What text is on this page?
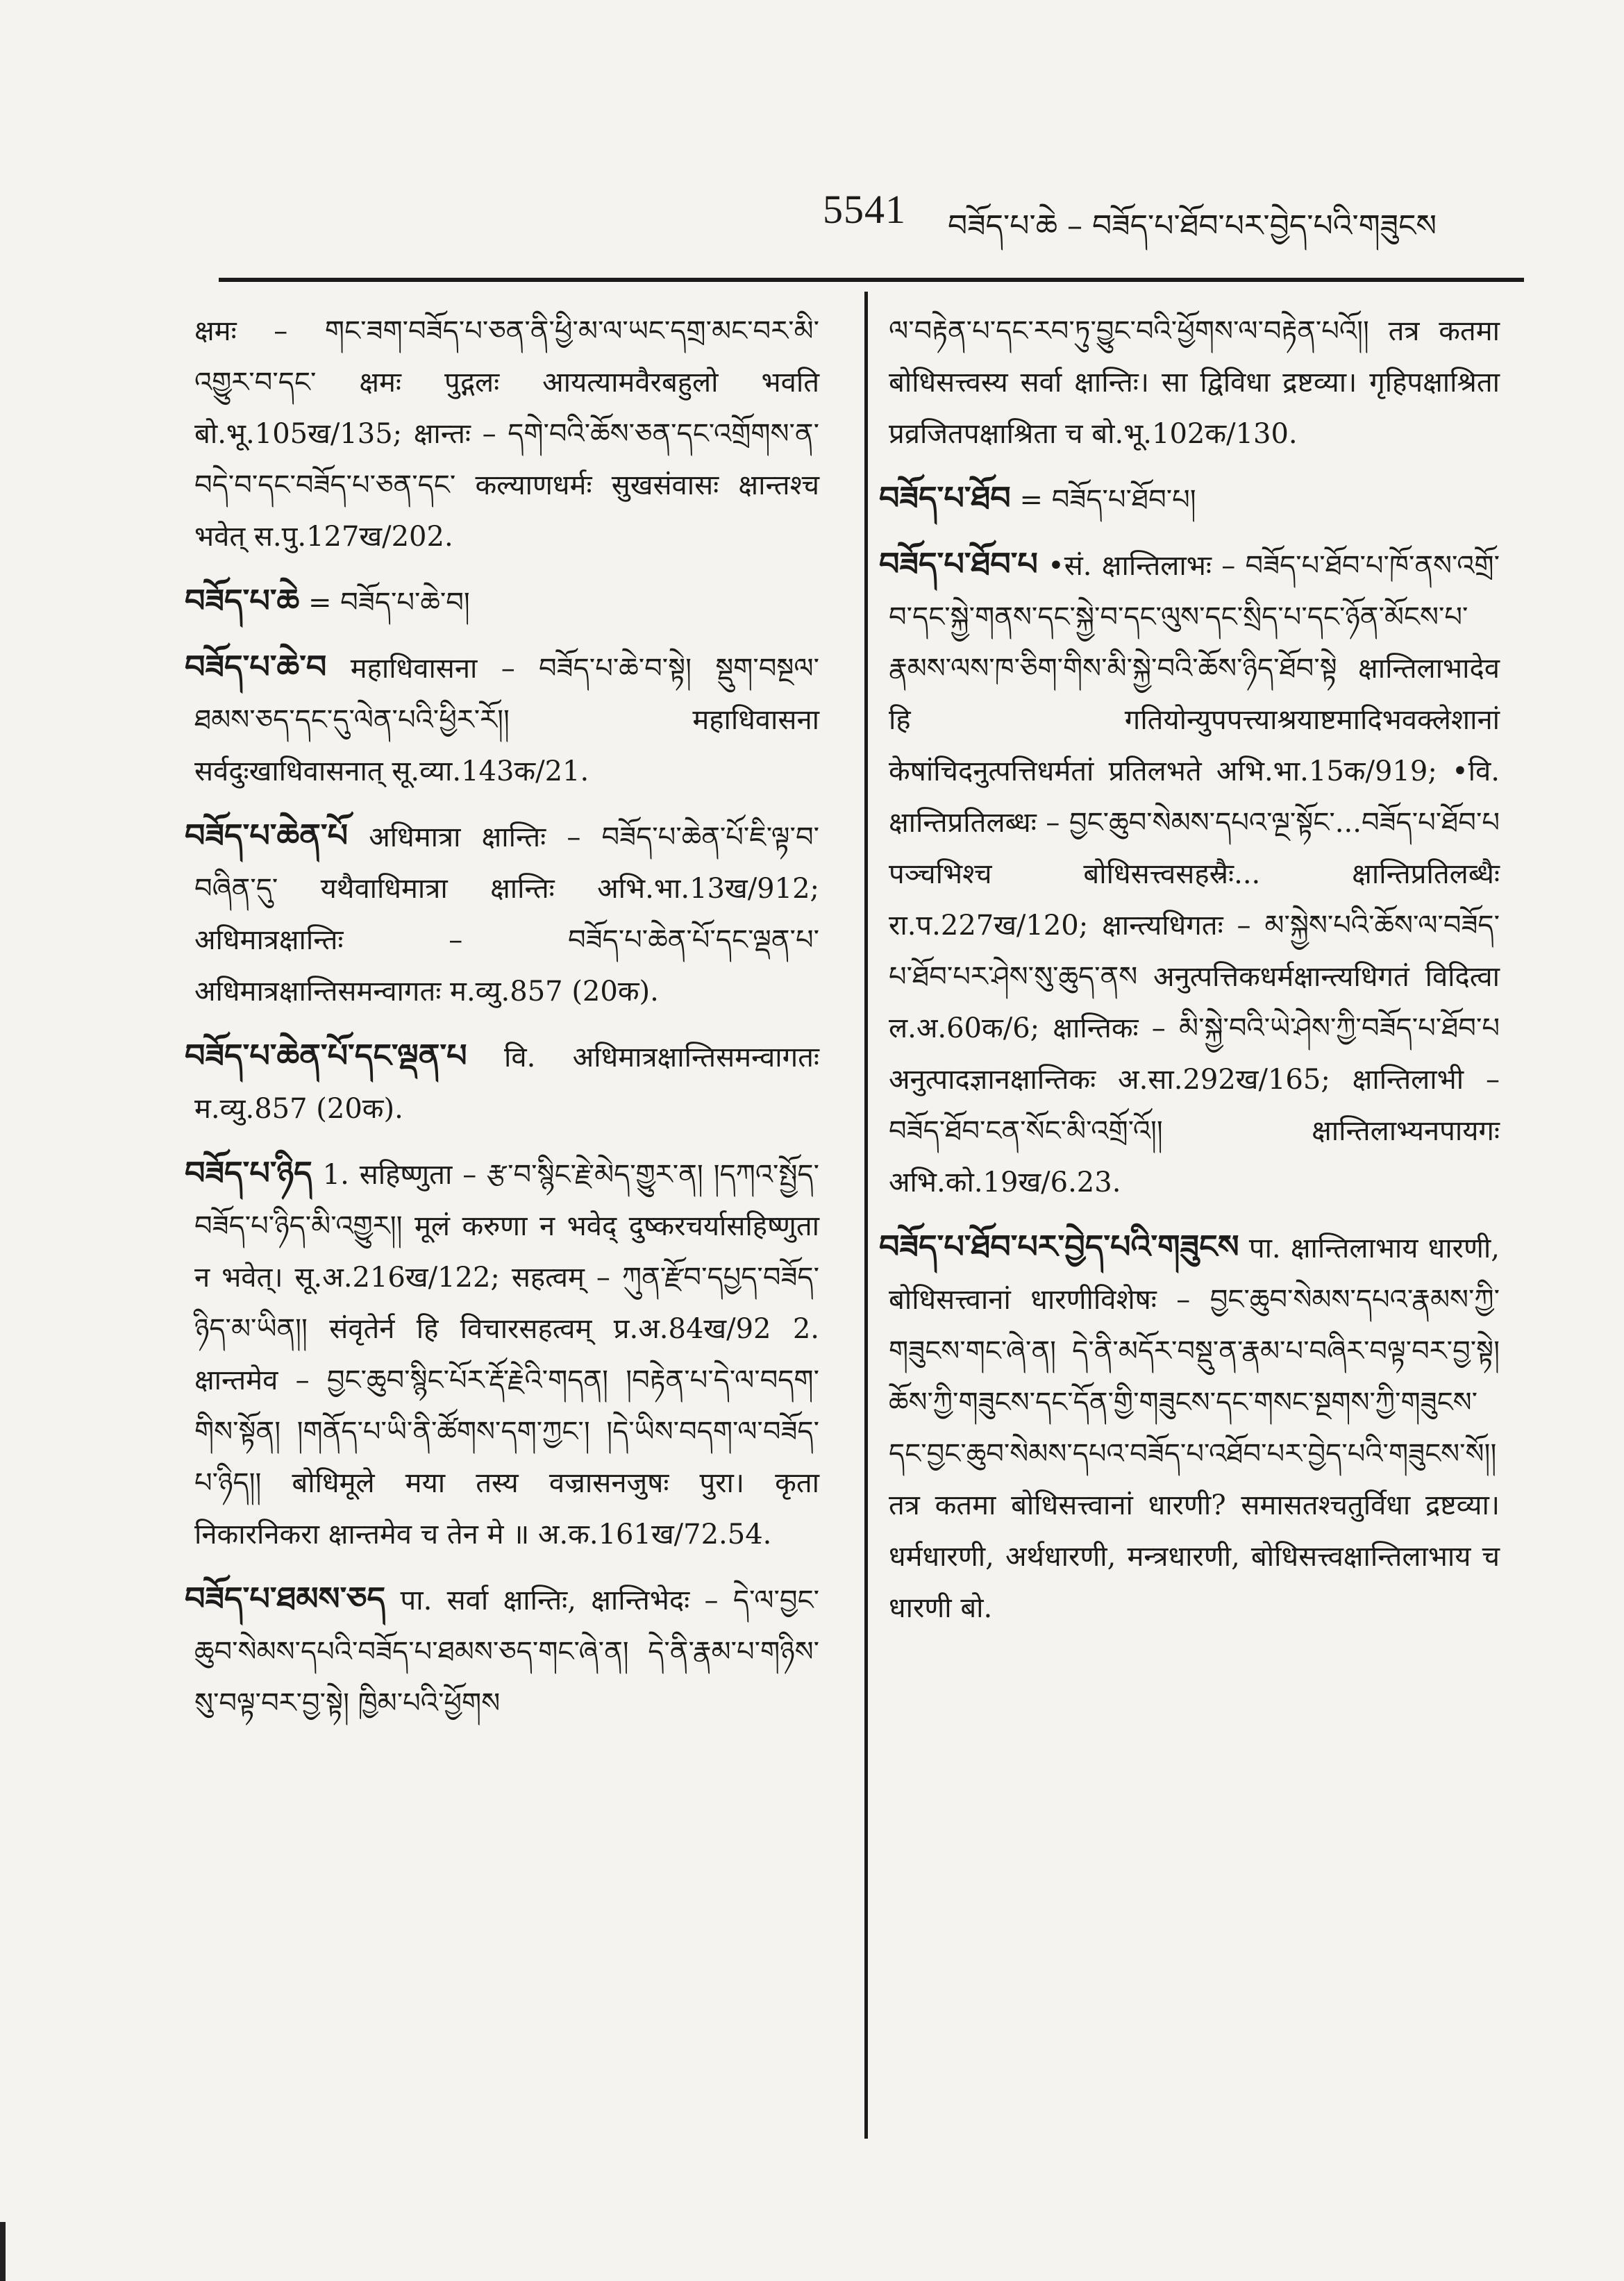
5541 བཟོད་པ་ཆེ – བཟོད་པ་ཐོབ་པར་བྱེད་པའི་གཟུངས

क्षमः – གང་ཟག་བཟོད་པ་ཅན་ནི་ཕྱི་མ་ལ་ཡང་དགྲ་མང་བར་མི་འགྱུར་བ་དང་ क्षमः पुद्गलः आयत्यामवैरबहुलो भवति बो.भू.105ख/135; क्षान्तः – དགེ་བའི་ཆོས་ཅན་དང་འགྲོགས་ན་བདེ་བ་དང་བཟོད་པ་ཅན་དང་ कल्याणधर्मः सुखसंवासः क्षान्तश्च भवेत् स.पु.127ख/202.

བཟོད་པ་ཆེ = བཟོད་པ་ཆེ་བ།

བཟོད་པ་ཆེ་བ महाधिवासना – བཟོད་པ་ཆེ་བ་སྟེ། སྡུག་བསྔལ་ཐམས་ཅད་དང་དུ་ལེན་པའི་ཕྱིར་རོ།། महाधिवासना सर्वदुःखाधिवासनात् सू.व्या.143क/21.

བཟོད་པ་ཆེན་པོ अधिमात्रा क्षान्तिः – བཟོད་པ་ཆེན་པོ་ཇི་ལྟ་བ་བཞིན་དུ་ यथैवाधिमात्रा क्षान्तिः अभि.भा.13ख/912; अधिमात्रक्षान्तिः – བཟོད་པ་ཆེན་པོ་དང་ལྡན་པ་ अधिमात्रक्षान्तिसमन्वागतः म.व्यु.857 (20क).

བཟོད་པ་ཆེན་པོ་དང་ལྡན་པ वि. अधिमात्रक्षान्तिसमन्वागतः म.व्यु.857 (20क).

བཟོད་པ་ཉིད 1. सहिष्णुता – རྩ་བ་སྙིང་རྗེ་མེད་གྱུར་ན། །དཀའ་སྤྱོད་བཟོད་པ་ཉིད་མི་འགྱུར།། मूलं करुणा न भवेद् दुष्करचर्यासहिष्णुता न भवेत्। सू.अ.216ख/122; सहत्वम् – ཀུན་རྫོབ་དཔྱད་བཟོད་ཉིད་མ་ཡིན།། संवृतेर्न हि विचारसहत्वम् प्र.अ.84ख/92 2. क्षान्तमेव – བྱང་ཆུབ་སྙིང་པོར་རྡོ་རྗེའི་གདན། །བརྟེན་པ་དེ་ལ་བདག་གིས་སྟོན། །གནོད་པ་ཡི་ནི་ཚོགས་དག་ཀྱང་། །དེ་ཡིས་བདག་ལ་བཟོད་པ་ཉིད།། बोधिमूले मया तस्य वज्रासनजुषः पुरा। कृता निकारनिकरा क्षान्तमेव च तेन मे ॥ अ.क.161ख/72.54.

བཟོད་པ་ཐམས་ཅད पा. सर्वा क्षान्तिः, क्षान्तिभेदः – དེ་ལ་བྱང་ཆུབ་སེམས་དཔའི་བཟོད་པ་ཐམས་ཅད་གང་ཞེ་ན། དེ་ནི་རྣམ་པ་གཉིས་སུ་བལྟ་བར་བྱ་སྟེ། ཁྱིམ་པའི་ཕྱོགས

ལ་བརྟེན་པ་དང་རབ་ཏུ་བྱུང་བའི་ཕྱོགས་ལ་བརྟེན་པའོ།། तत्र कतमा बोधिसत्त्वस्य सर्वा क्षान्तिः। सा द्विविधा द्रष्टव्या। गृहिपक्षाश्रिता प्रव्रजितपक्षाश्रिता च बो.भू.102क/130.

བཟོད་པ་ཐོབ = བཟོད་པ་ཐོབ་པ།

བཟོད་པ་ཐོབ་པ •सं. क्षान्तिलाभः – བཟོད་པ་ཐོབ་པ་ཁོ་ནས་འགྲོ་བ་དང་སྐྱེ་གནས་དང་སྐྱེ་བ་དང་ལུས་དང་སྲིད་པ་དང་ཉོན་མོངས་པ་རྣམས་ལས་ཁ་ཅིག་གིས་མི་སྐྱེ་བའི་ཆོས་ཉིད་ཐོབ་སྟེ क्षान्तिलाभादेव हि गतियोन्युपपत्त्याश्रयाष्टमादिभवक्लेशानां केषांचिदनुत्पत्तिधर्मतां प्रतिलभते अभि.भा.15क/919; •वि. क्षान्तिप्रतिलब्धः – བྱང་ཆུབ་སེམས་དཔའ་ལྔ་སྟོང་...བཟོད་པ་ཐོབ་པ पञ्चभिश्च बोधिसत्त्वसहस्रैः... क्षान्तिप्रतिलब्धैः रा.प.227ख/120; क्षान्त्यधिगतः – མ་སྐྱེས་པའི་ཆོས་ལ་བཟོད་པ་ཐོབ་པར་ཤེས་སུ་ཆུད་ནས अनुत्पत्तिकधर्मक्षान्त्यधिगतं विदित्वा ल.अ.60क/6; क्षान्तिकः – མི་སྐྱེ་བའི་ཡེ་ཤེས་ཀྱི་བཟོད་པ་ཐོབ་པ अनुत्पादज्ञानक्षान्तिकः अ.सा.292ख/165; क्षान्तिलाभी – བཟོད་ཐོབ་ངན་སོང་མི་འགྲོ་འོ།། क्षान्तिलाभ्यनपायगः अभि.को.19ख/6.23.

བཟོད་པ་ཐོབ་པར་བྱེད་པའི་གཟུངས पा. क्षान्तिलाभाय धारणी, बोधिसत्त्वानां धारणीविशेषः – བྱང་ཆུབ་སེམས་དཔའ་རྣམས་ཀྱི་གཟུངས་གང་ཞེ་ན། དེ་ནི་མདོར་བསྡུ་ན་རྣམ་པ་བཞིར་བལྟ་བར་བྱ་སྟེ། ཆོས་ཀྱི་གཟུངས་དང་དོན་གྱི་གཟུངས་དང་གསང་སྔགས་ཀྱི་གཟུངས་དང་བྱང་ཆུབ་སེམས་དཔའ་བཟོད་པ་འཐོབ་པར་བྱེད་པའི་གཟུངས་སོ།། तत्र कतमा बोधिसत्त्वानां धारणी? समासतश्चतुर्विधा द्रष्टव्या। धर्मधारणी, अर्थधारणी, मन्त्रधारणी, बोधिसत्त्वक्षान्तिलाभाय च धारणी बो.
